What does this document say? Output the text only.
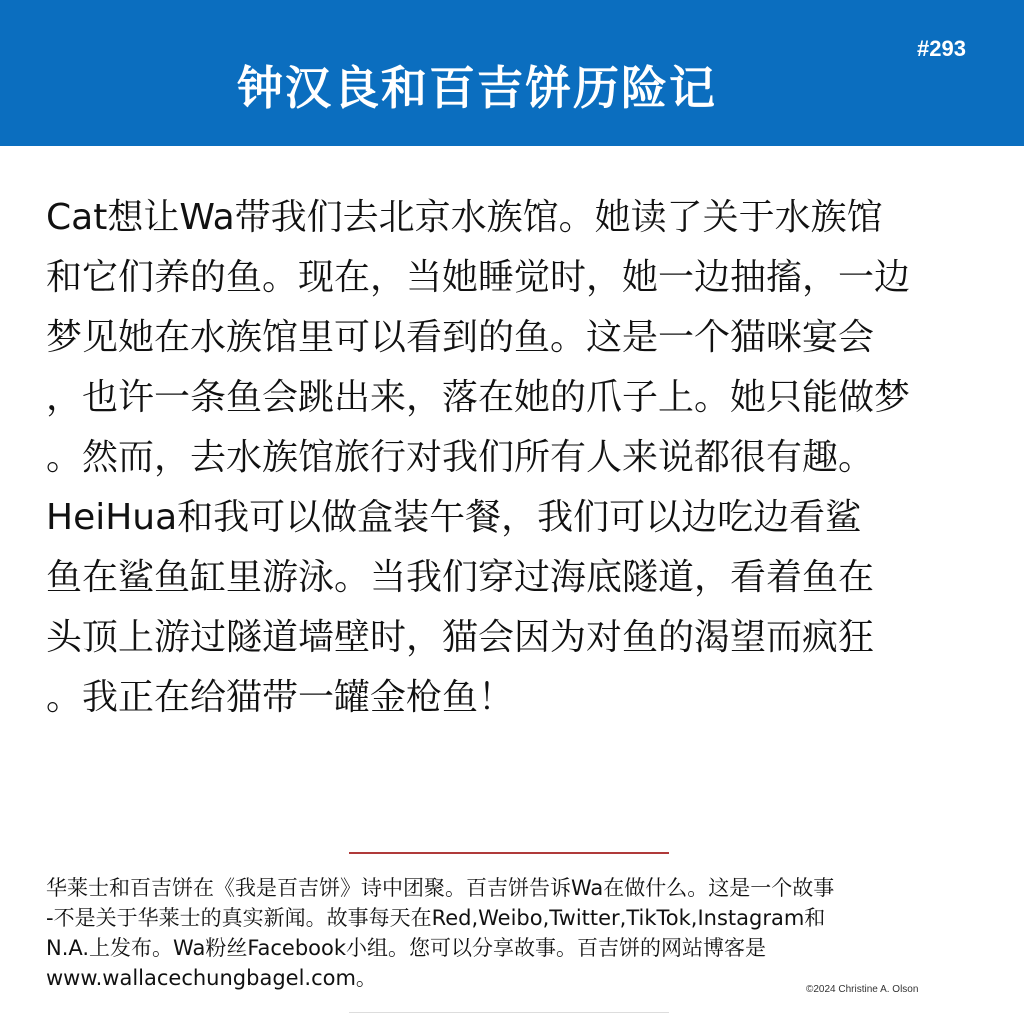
#293
钟汉良和百吉饼历险记

Cat想让Wa带我们去北京水族馆。她读了关于水族馆

和它们养的鱼。现在，当她睡觉时，她一边抽搐，一边

梦见她在水族馆里可以看到的鱼。这是一个猫咪宴会

，也许一条鱼会跳出来，落在她的爪子上。她只能做梦

。然而，去水族馆旅行对我们所有人来说都很有趣。

HeiHua和我可以做盒装午餐，我们可以边吃边看鲨

鱼在鲨鱼缸里游泳。当我们穿过海底隧道，看着鱼在

头顶上游过隧道墙壁时，猫会因为对鱼的渴望而疯狂

。我正在给猫带一罐金枪鱼！

华莱士和百吉饼在《我是百吉饼》诗中团聚。百吉饼告诉Wa在做什么。这是一个故事

-不是关于华莱士的真实新闻。故事每天在Red,Weibo,Twitter,TikTok,Instagram和

N.A.上发布。Wa粉丝Facebook小组。您可以分享故事。百吉饼的网站博客是

www.wallacechungbagel.com。	©2024 Christine A. Olson
